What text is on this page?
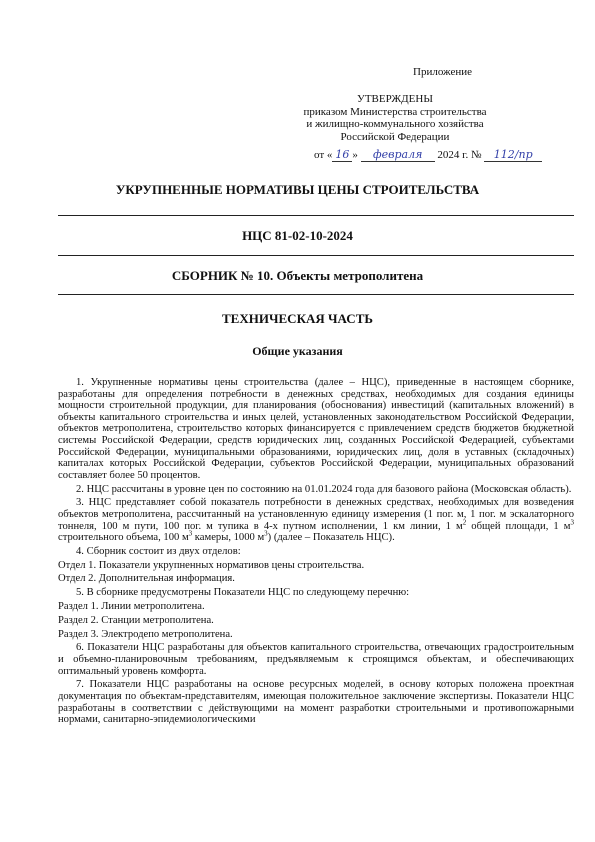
Приложение
УТВЕРЖДЕНЫ
приказом Министерства строительства
и жилищно-коммунального хозяйства
Российской Федерации
от « 16 » февраля 2024 г. № 112/пр
УКРУПНЕННЫЕ НОРМАТИВЫ ЦЕНЫ СТРОИТЕЛЬСТВА
НЦС 81-02-10-2024
СБОРНИК № 10. Объекты метрополитена
ТЕХНИЧЕСКАЯ ЧАСТЬ
Общие указания

1. Укрупненные нормативы цены строительства (далее – НЦС), приведенные в настоящем сборнике, разработаны для определения потребности в денежных средствах, необходимых для создания единицы мощности строительной продукции, для планирования (обоснования) инвестиций (капитальных вложений) в объекты капитального строительства и иных целей, установленных законодательством Российской Федерации, объектов метрополитена, строительство которых финансируется с привлечением средств бюджетов бюджетной системы Российской Федерации, средств юридических лиц, созданных Российской Федерацией, субъектами Российской Федерации, муниципальными образованиями, юридических лиц, доля в уставных (складочных) капиталах которых Российской Федерации, субъектов Российской Федерации, муниципальных образований составляет более 50 процентов.

2. НЦС рассчитаны в уровне цен по состоянию на 01.01.2024 года для базового района (Московская область).

3. НЦС представляет собой показатель потребности в денежных средствах, необходимых для возведения объектов метрополитена, рассчитанный на установленную единицу измерения (1 пог. м, 1 пог. м эскалаторного тоннеля, 100 м пути, 100 пог. м тупика в 4-х путном исполнении, 1 км линии, 1 $м^2$ общей площади, 1 $м^3$ строительного объема, 100 $м^3$ камеры, 1000 $м^3$) (далее – Показатель НЦС).

4. Сборник состоит из двух отделов:

Отдел 1. Показатели укрупненных нормативов цены строительства.

Отдел 2. Дополнительная информация.

5. В сборнике предусмотрены Показатели НЦС по следующему перечню:

Раздел 1. Линии метрополитена.

Раздел 2. Станции метрополитена.

Раздел 3. Электродепо метрополитена.

6. Показатели НЦС разработаны для объектов капитального строительства, отвечающих градостроительным и объемно-планировочным требованиям, предъявляемым к строящимся объектам, и обеспечивающих оптимальный уровень комфорта.

7. Показатели НЦС разработаны на основе ресурсных моделей, в основу которых положена проектная документация по объектам-представителям, имеющая положительное заключение экспертизы. Показатели НЦС разработаны в соответствии с действующими на момент разработки строительными и противопожарными нормами, санитарно-эпидемиологическими
